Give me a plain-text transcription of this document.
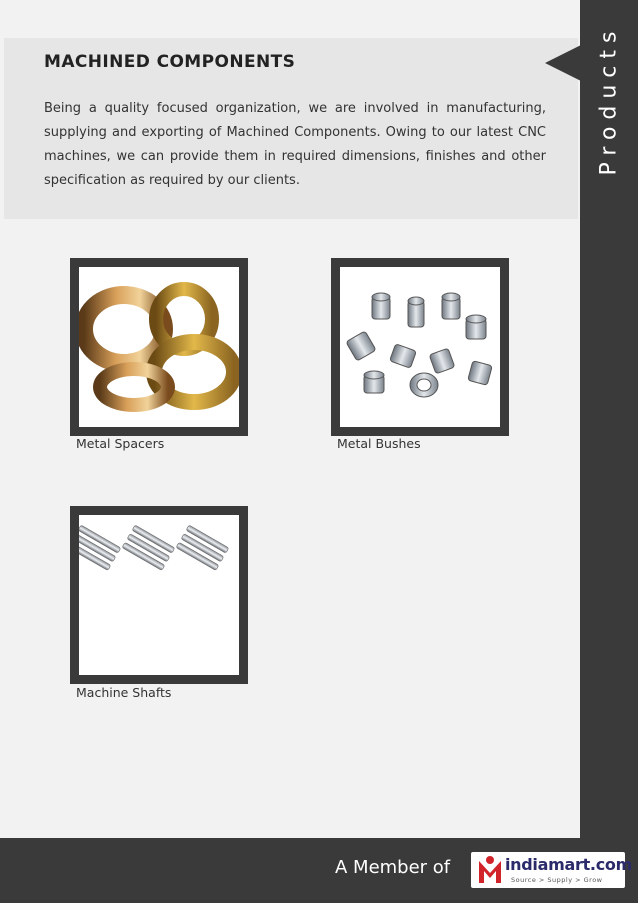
Products
MACHINED COMPONENTS
Being a quality focused organization, we are involved in manufacturing, supplying and exporting of Machined Components. Owing to our latest CNC machines, we can provide them in required dimensions, finishes and other specification as required by our clients.
Metal Spacers	Metal Bushes
Machine Shafts
A Member of	indiamart.com
Source > Supply > Grow
